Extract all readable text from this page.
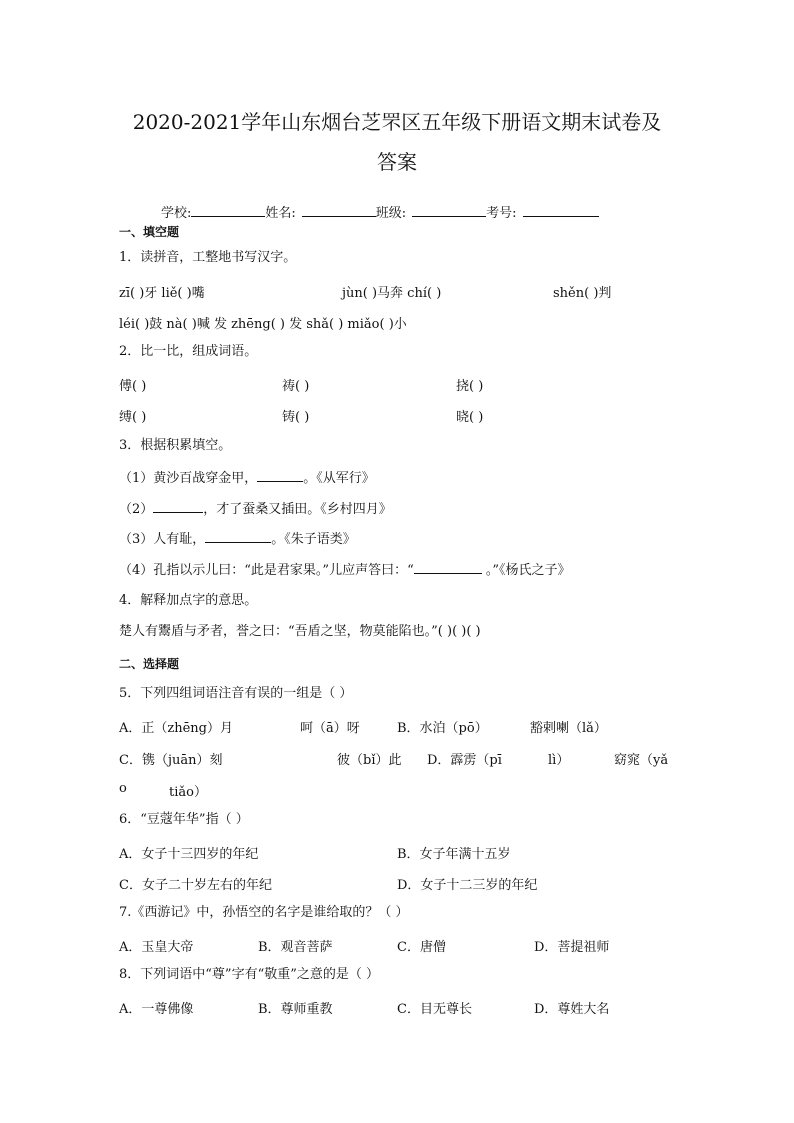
2020-2021学年山东烟台芝罘区五年级下册语文期末试卷及
答案
学校:	姓名:	班级:	考号:
一、填空题
1．读拼音，工整地书写汉字。
zī( )牙 liě( )嘴	jùn( )马奔 chí( )	shěn( )判
léi( )鼓 nà( )喊 发 zhēng( ) 发 shǎ( ) miǎo( )小
2．比一比，组成词语。
傅( )	祷( )	挠( )
缚( )	铸( )	晓( )
3．根据积累填空。
（1）黄沙百战穿金甲，	。《从军行》
（2）	，才了蚕桑又插田。《乡村四月》
（3）人有耻，	。《朱子语类》
（4）孔指以示儿曰：“此是君家果。”儿应声答曰：“	。”《杨氏之子》
4．解释加点字的意思。
楚人有鬻盾与矛者，誉之曰：“吾盾之坚，物莫能陷也。”( )( )( )
二、选择题
5．下列四组词语注音有误的一组是（ ）
A．正（zhēng）月	呵（ā）呀	B．水泊（pō）	豁剌喇（lǎ）
C．镌（juān）刻	彼（bǐ）此 D．霹雳（pī	lì）	窈窕（yǎ
o	tiǎo）
6．“豆蔻年华”指（ ）
A．女子十三四岁的年纪	B．女子年满十五岁
C．女子二十岁左右的年纪	D．女子十二三岁的年纪
7.《西游记》中，孙悟空的名字是谁给取的？（ ）
A．玉皇大帝	B．观音菩萨	C．唐僧	D．菩提祖师
8．下列词语中“尊”字有“敬重”之意的是（ ）
A．一尊佛像	B．尊师重教	C．目无尊长	D．尊姓大名
